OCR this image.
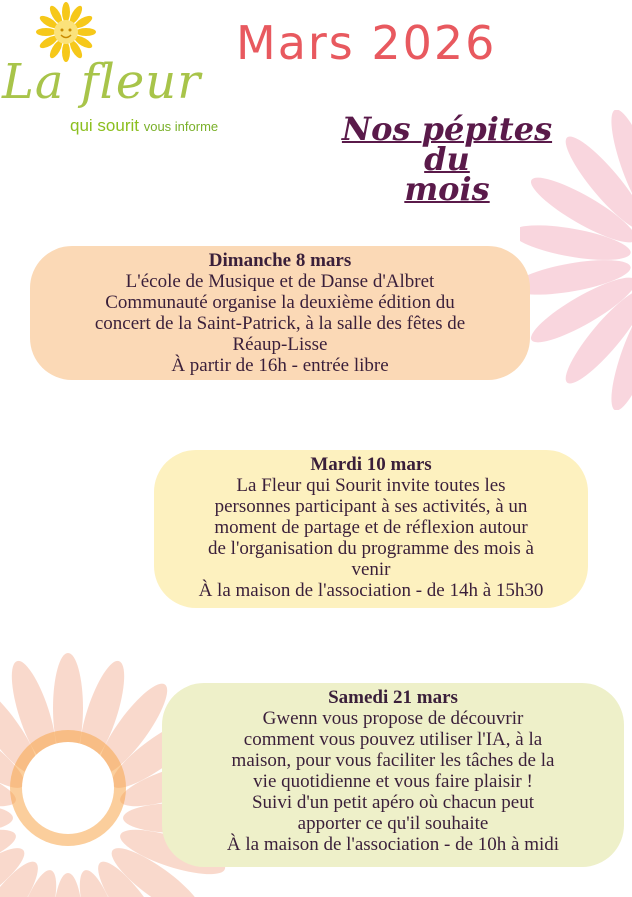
La fleur
qui sourit vous informe
Mars 2026
Nos pépites du
mois
Dimanche 8 mars
L'école de Musique et de Danse d'Albret
Communauté organise la deuxième édition du
concert de la Saint-Patrick, à la salle des fêtes de
Réaup-Lisse
À partir de 16h - entrée libre
Mardi 10 mars
La Fleur qui Sourit invite toutes les
personnes participant à ses activités, à un
moment de partage et de réflexion autour
de l'organisation du programme des mois à
venir
À la maison de l'association - de 14h à 15h30
Samedi 21 mars
Gwenn vous propose de découvrir
comment vous pouvez utiliser l'IA, à la
maison, pour vous faciliter les tâches de la
vie quotidienne et vous faire plaisir !
Suivi d'un petit apéro où chacun peut
apporter ce qu'il souhaite
À la maison de l'association - de 10h à midi
